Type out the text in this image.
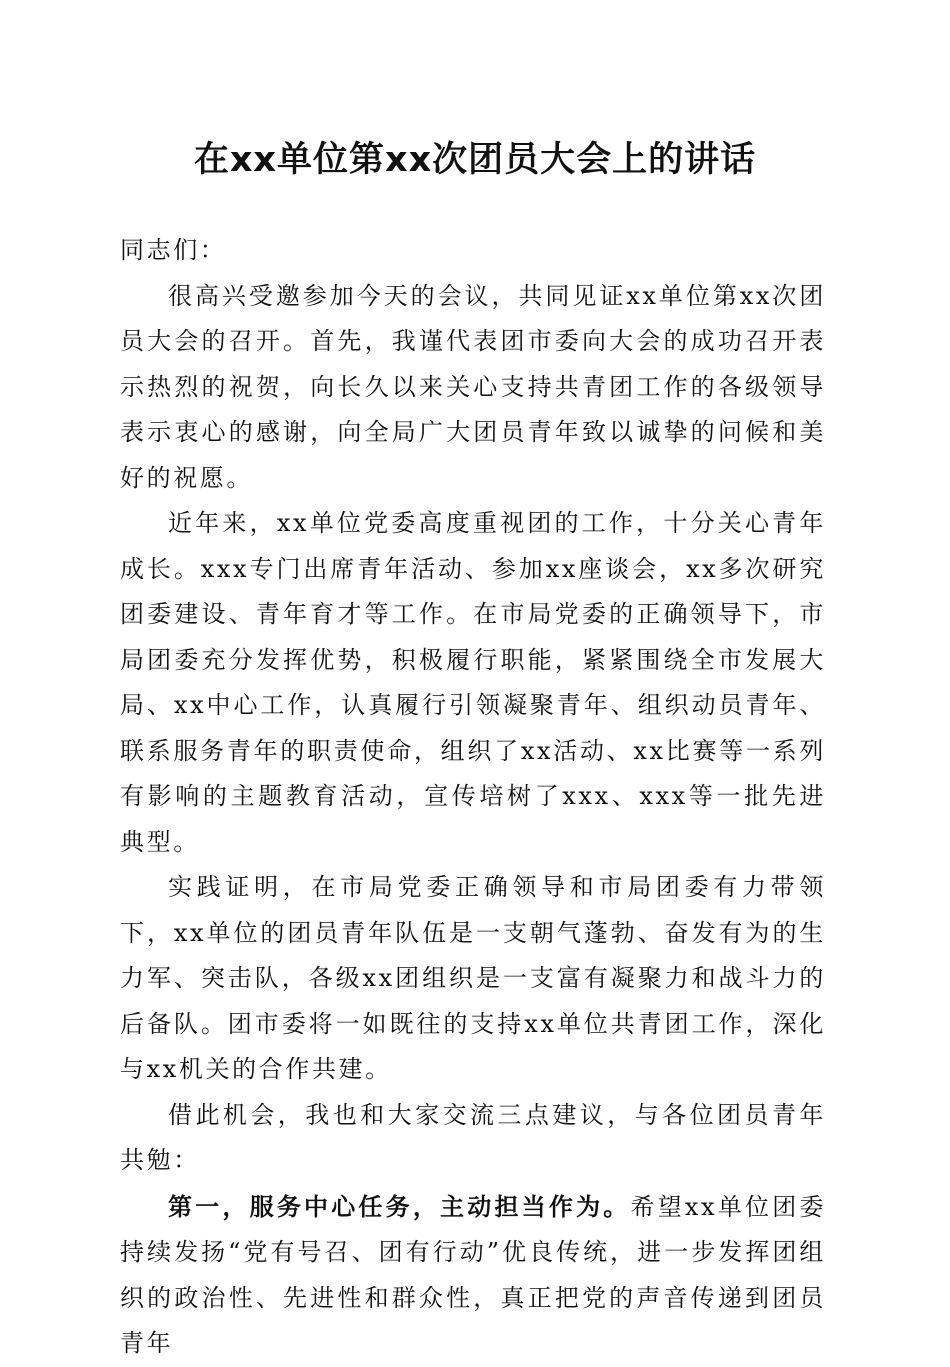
在xx单位第xx次团员大会上的讲话

同志们：

很高兴受邀参加今天的会议，共同见证xx单位第xx次团员大会的召开。首先，我谨代表团市委向大会的成功召开表示热烈的祝贺，向长久以来关心支持共青团工作的各级领导表示衷心的感谢，向全局广大团员青年致以诚挚的问候和美好的祝愿。

近年来，xx单位党委高度重视团的工作，十分关心青年成长。xxx专门出席青年活动、参加xx座谈会，xx多次研究团委建设、青年育才等工作。在市局党委的正确领导下，市局团委充分发挥优势，积极履行职能，紧紧围绕全市发展大局、xx中心工作，认真履行引领凝聚青年、组织动员青年、联系服务青年的职责使命，组织了xx活动、xx比赛等一系列有影响的主题教育活动，宣传培树了xxx、xxx等一批先进典型。

实践证明，在市局党委正确领导和市局团委有力带领下，xx单位的团员青年队伍是一支朝气蓬勃、奋发有为的生力军、突击队，各级xx团组织是一支富有凝聚力和战斗力的后备队。团市委将一如既往的支持xx单位共青团工作，深化与xx机关的合作共建。

借此机会，我也和大家交流三点建议，与各位团员青年共勉：

第一，服务中心任务，主动担当作为。希望xx单位团委持续发扬“党有号召、团有行动”优良传统，进一步发挥团组织的政治性、先进性和群众性，真正把党的声音传递到团员青年
